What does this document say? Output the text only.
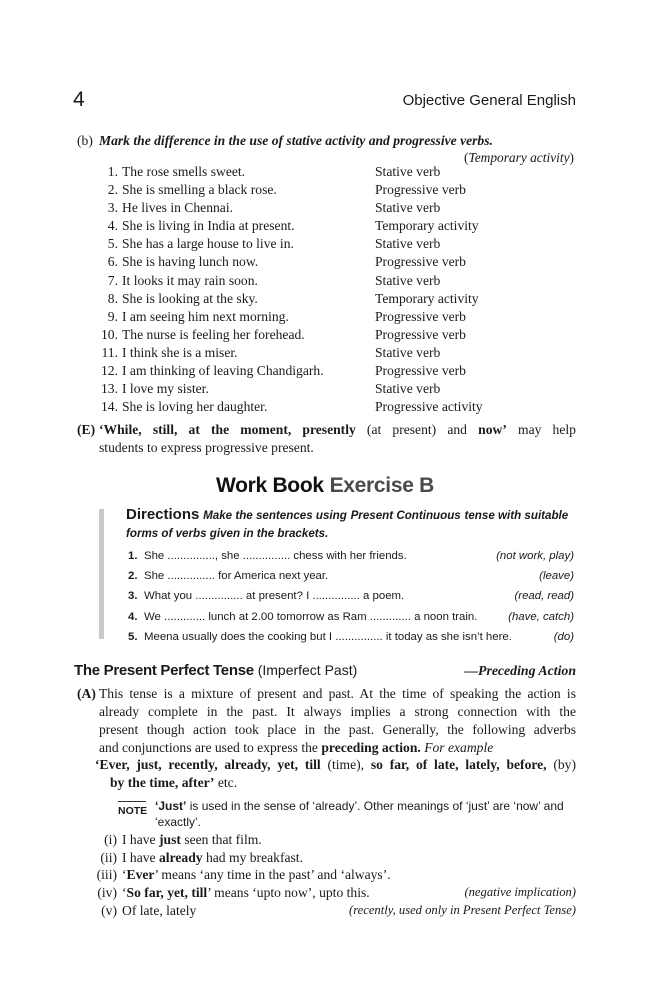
4	Objective General English
(b) Mark the difference in the use of stative activity and progressive verbs.
(Temporary activity)
1. The rose smells sweet.	Stative verb
2. She is smelling a black rose.	Progressive verb
3. He lives in Chennai.	Stative verb
4. She is living in India at present.	Temporary activity
5. She has a large house to live in.	Stative verb
6. She is having lunch now.	Progressive verb
7. It looks it may rain soon.	Stative verb
8. She is looking at the sky.	Temporary activity
9. I am seeing him next morning.	Progressive verb
10. The nurse is feeling her forehead.	Progressive verb
11. I think she is a miser.	Stative verb
12. I am thinking of leaving Chandigarh.	Progressive verb
13. I love my sister.	Stative verb
14. She is loving her daughter.	Progressive activity
(E) ‘While, still, at the moment, presently (at present) and now’ may help
students to express progressive present.
Work Book Exercise B
Directions Make the sentences using Present Continuous tense with suitable
forms of verbs given in the brackets.
1. She ..............., she ............... chess with her friends.	(not work, play)
2. She ............... for America next year.	(leave)
3. What you ............... at present? I ............... a poem.	(read, read)
4. We ............. lunch at 2.00 tomorrow as Ram ............. a noon train.	(have, catch)
5. Meena usually does the cooking but I ............... it today as she isn’t here.	(do)
The Present Perfect Tense (Imperfect Past)	—Preceding Action
(A) This tense is a mixture of present and past. At the time of speaking the action is
already complete in the past. It always implies a strong connection with the
present though action took place in the past. Generally, the following adverbs
and conjunctions are used to express the preceding action. For example
‘Ever, just, recently, already, yet, till (time), so far, of late, lately, before, (by)
by the time, after’ etc.
NOTE ‘Just’ is used in the sense of ‘already’. Other meanings of ‘just’ are ‘now’ and ‘exactly’.
(i) I have just seen that film.
(ii) I have already had my breakfast.
(iii) ‘Ever’ means ‘any time in the past’ and ‘always’.
(iv) ‘So far, yet, till’ means ‘upto now’, upto this.	(negative implication)
(v) Of late, lately	(recently, used only in Present Perfect Tense)
